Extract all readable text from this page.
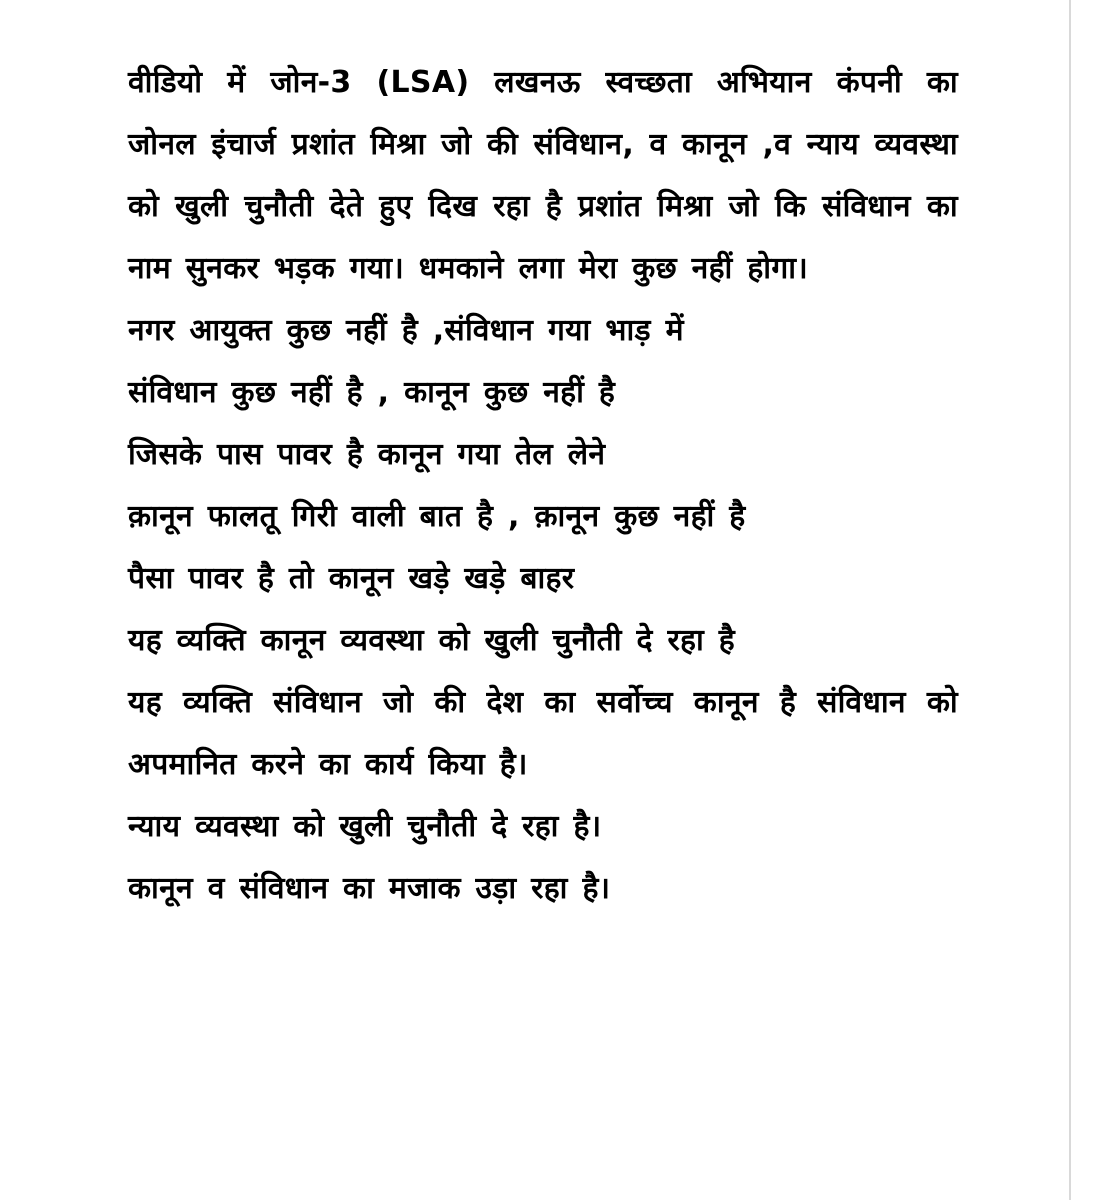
वीडियो में जोन-3 (LSA) लखनऊ स्वच्छता अभियान कंपनी का जोनल इंचार्ज प्रशांत मिश्रा जो की संविधान, व कानून ,व न्याय व्यवस्था को खुली चुनौती देते हुए दिख रहा है प्रशांत मिश्रा जो कि संविधान का नाम सुनकर भड़क गया। धमकाने लगा मेरा कुछ नहीं होगा।

नगर आयुक्त कुछ नहीं है ,संविधान गया भाड़ में

संविधान कुछ नहीं है , कानून कुछ नहीं है

जिसके पास पावर है कानून गया तेल लेने

क़ानून फालतू गिरी वाली बात है , क़ानून कुछ नहीं है

पैसा पावर है तो कानून खड़े खड़े बाहर

यह व्यक्ति कानून व्यवस्था को खुली चुनौती दे रहा है

यह व्यक्ति संविधान जो की देश का सर्वोच्च कानून है संविधान को अपमानित करने का कार्य किया है।

न्याय व्यवस्था को खुली चुनौती दे रहा है।

कानून व संविधान का मजाक उड़ा रहा है।
